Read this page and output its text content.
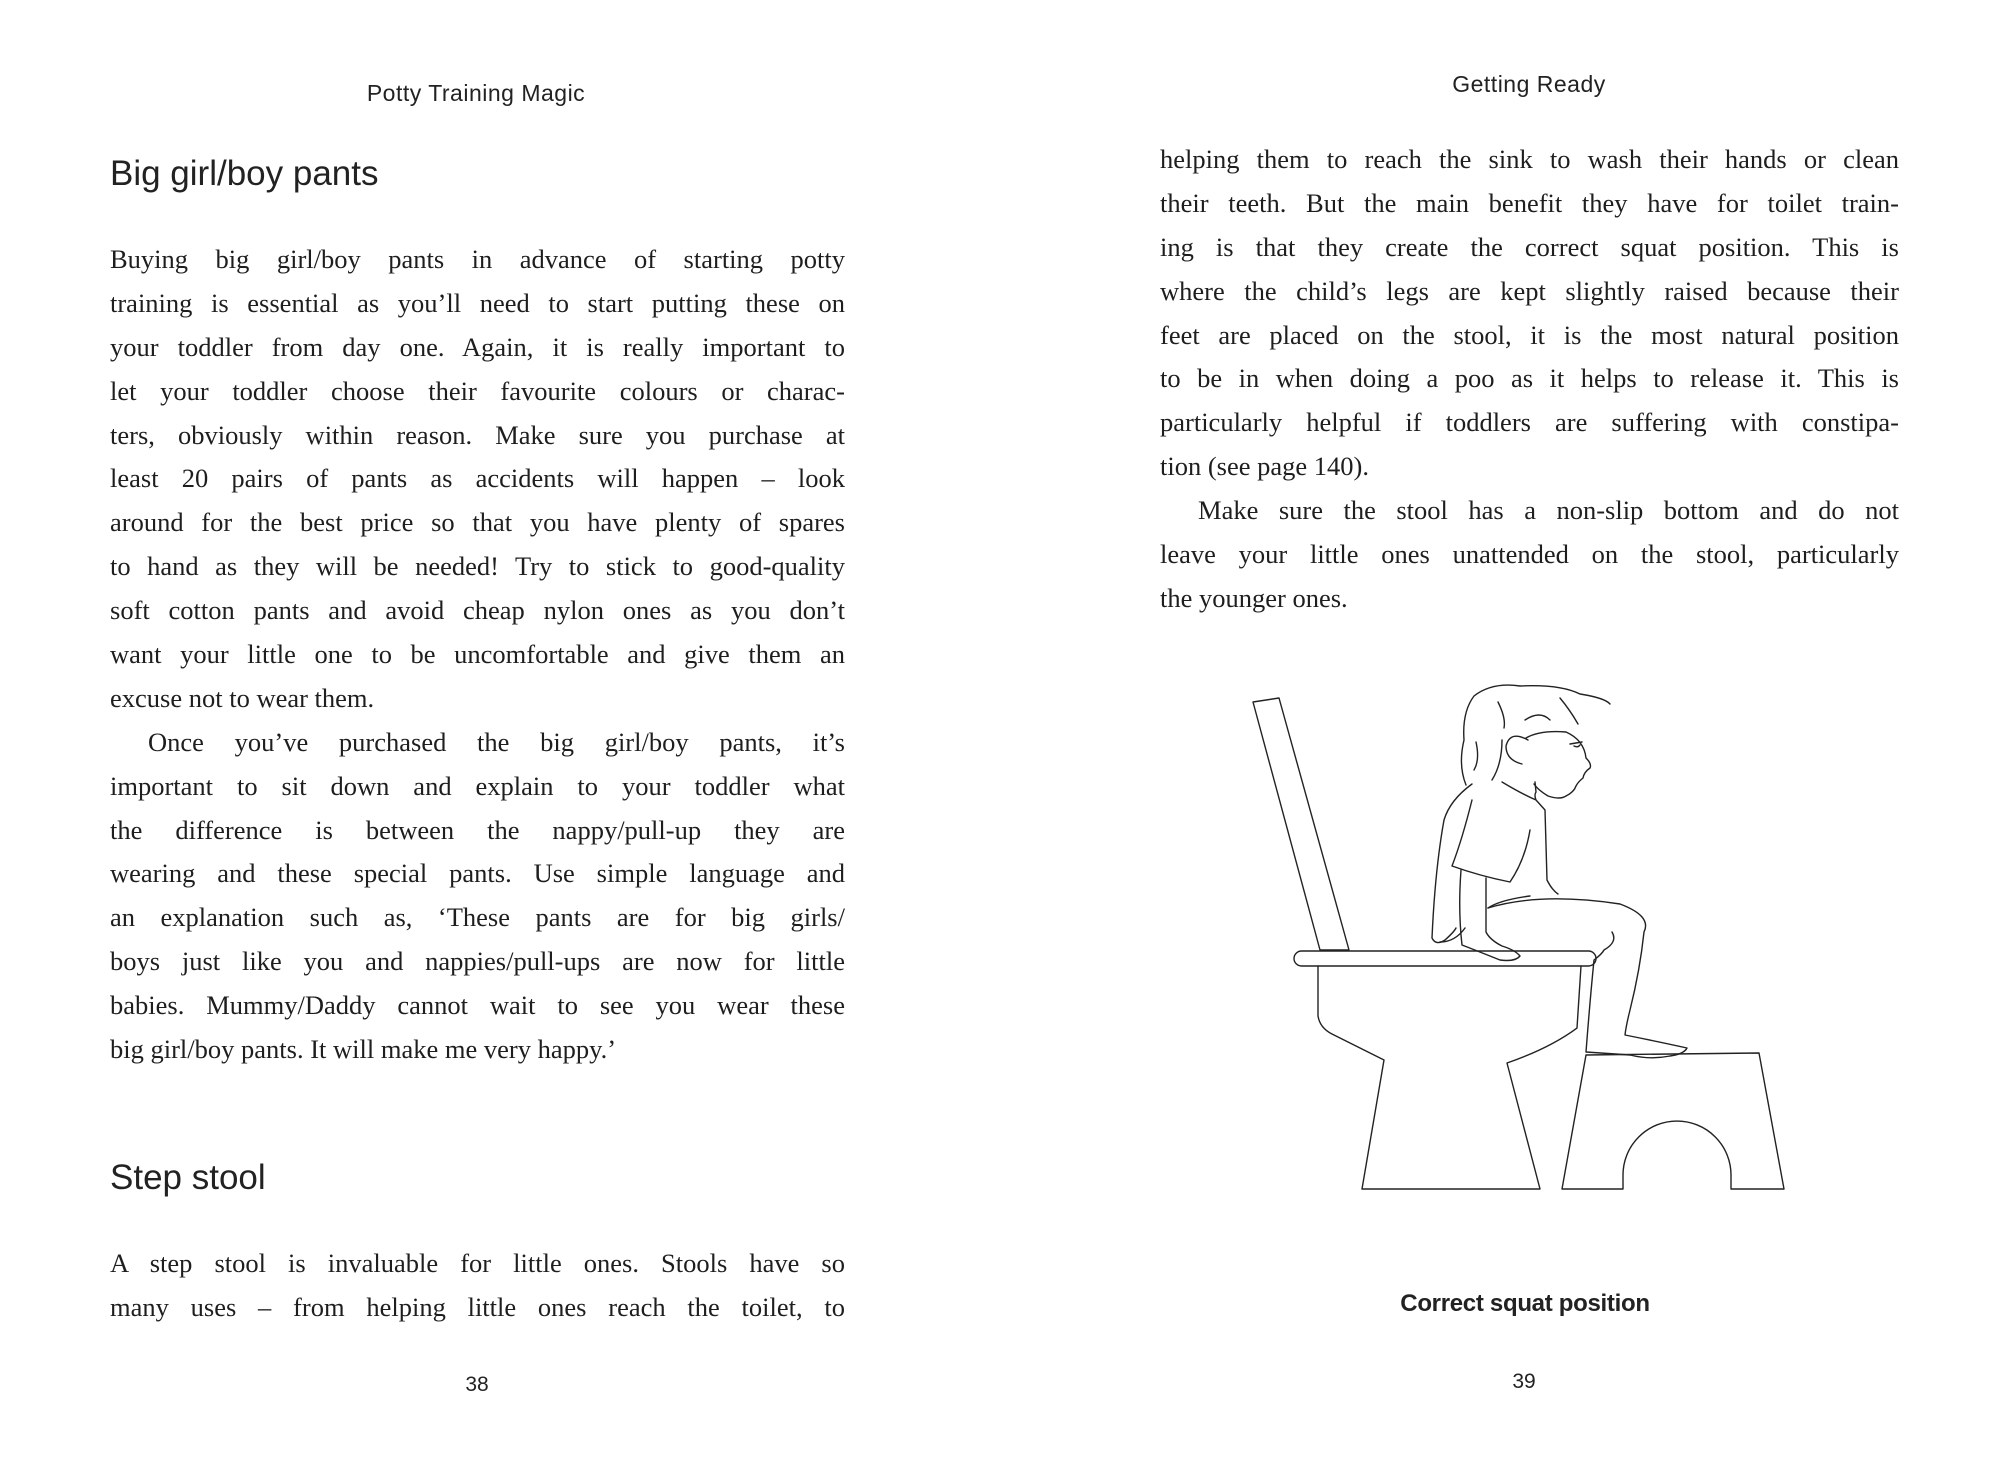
Potty Training Magic
Big girl/boy pants
Buying big girl/boy pants in advance of starting potty
training is essential as you’ll need to start putting these on
your toddler from day one. Again, it is really important to
let your toddler choose their favourite colours or charac-
ters, obviously within reason. Make sure you purchase at
least 20 pairs of pants as accidents will happen – look
around for the best price so that you have plenty of spares
to hand as they will be needed! Try to stick to good-quality
soft cotton pants and avoid cheap nylon ones as you don’t
want your little one to be uncomfortable and give them an
excuse not to wear them.
Once you’ve purchased the big girl/boy pants, it’s
important to sit down and explain to your toddler what
the difference is between the nappy/pull-up they are
wearing and these special pants. Use simple language and
an explanation such as, ‘These pants are for big girls/
boys just like you and nappies/pull-ups are now for little
babies. Mummy/Daddy cannot wait to see you wear these
big girl/boy pants. It will make me very happy.’
Step stool
A step stool is invaluable for little ones. Stools have so
many uses – from helping little ones reach the toilet, to
38
Getting Ready
helping them to reach the sink to wash their hands or clean
their teeth. But the main benefit they have for toilet train-
ing is that they create the correct squat position. This is
where the child’s legs are kept slightly raised because their
feet are placed on the stool, it is the most natural position
to be in when doing a poo as it helps to release it. This is
particularly helpful if toddlers are suffering with constipa-
tion (see page 140).
Make sure the stool has a non-slip bottom and do not
leave your little ones unattended on the stool, particularly
the younger ones.
Correct squat position
39
